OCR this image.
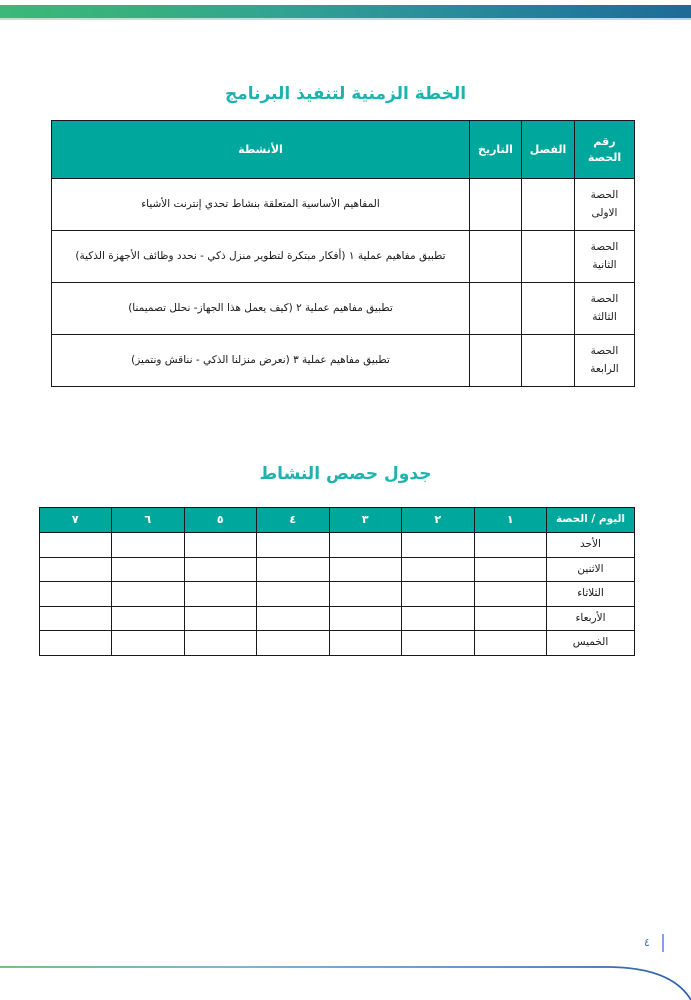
الخطة الزمنية لتنفيذ البرنامج
رقم
الحصة	الفصل	التاريخ	الأنشطة

الحصة
الاولى			المفاهيم الأساسية المتعلقة بنشاط تحدي إنترنت الأشياء

الحصة
الثانية			تطبيق مفاهيم عملية ١ (أفكار مبتكرة لتطوير منزل ذكي - نحدد وظائف الأجهزة الذكية)

الحصة
الثالثة			تطبيق مفاهيم عملية ٢ (كيف يعمل هذا الجهاز- نحلل تصميمنا)

الحصة
الرابعة			تطبيق مفاهيم عملية ٣ (نعرض منزلنا الذكي - نناقش ونتميز)
جدول حصص النشاط
اليوم / الحصة	١	٢	٣	٤	٥	٦	٧
الأحد							
الاثنين							
الثلاثاء							
الأربعاء							
الخميس							
٤
